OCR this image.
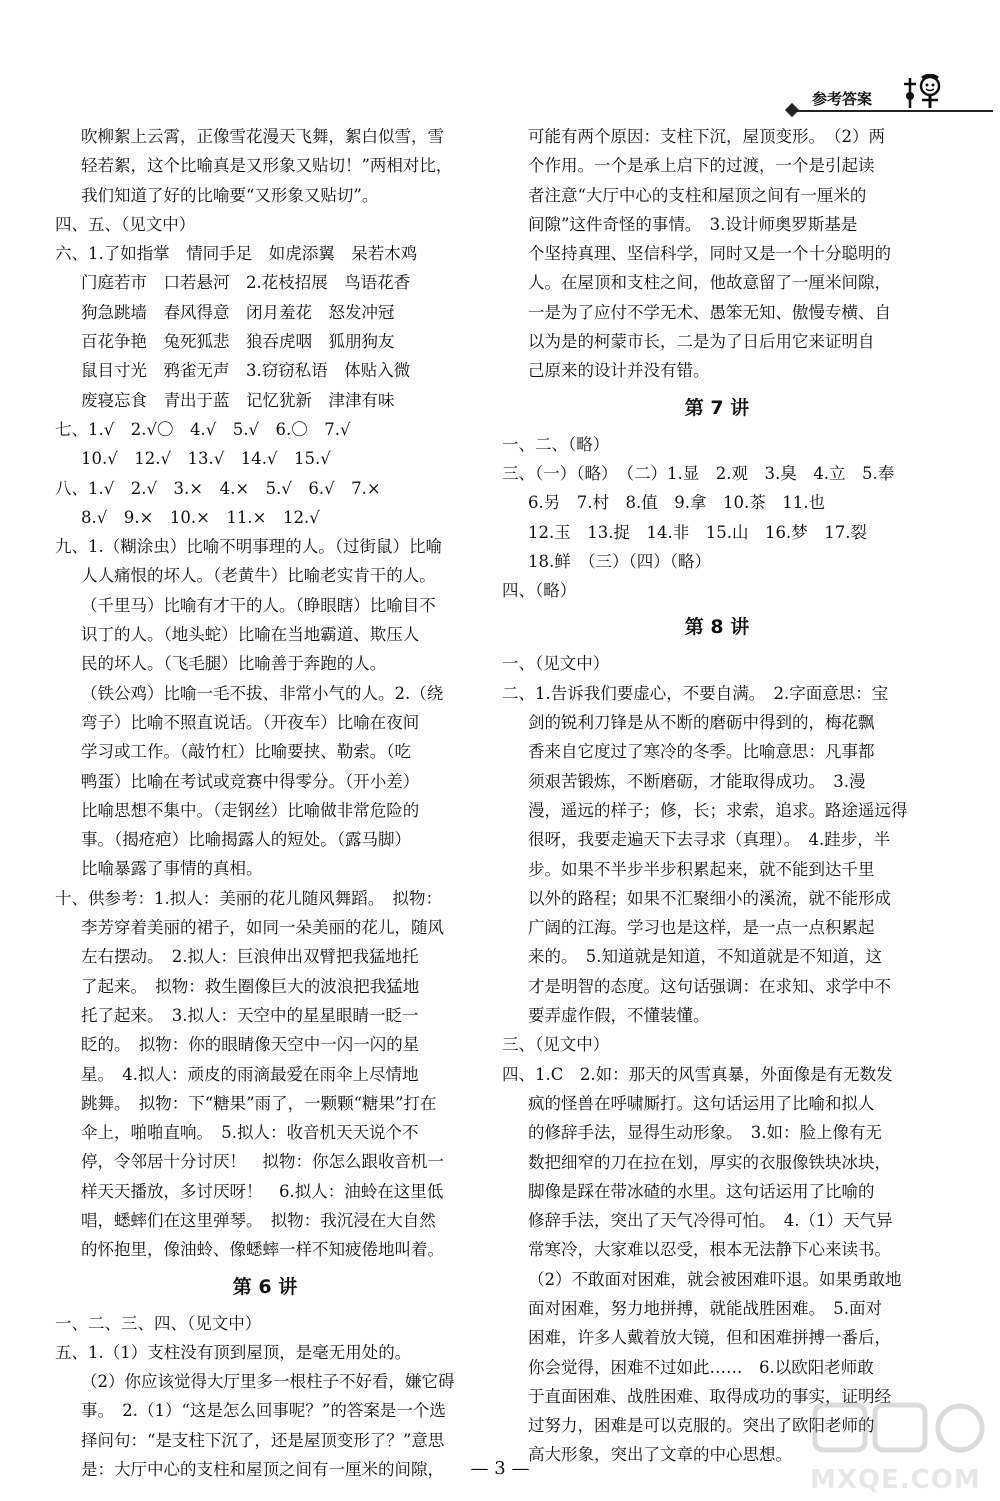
参考答案
吹柳絮上云霄，正像雪花漫天飞舞，絮白似雪，雪
轻若絮，这个比喻真是又形象又贴切！”两相对比，
我们知道了好的比喻要“又形象又贴切”。
四、五、（见文中）
六、1.了如指掌　情同手足　如虎添翼　呆若木鸡
门庭若市　口若悬河　2.花枝招展　鸟语花香
狗急跳墙　春风得意　闭月羞花　怒发冲冠
百花争艳　兔死狐悲　狼吞虎咽　狐朋狗友
鼠目寸光　鸦雀无声　3.窃窃私语　体贴入微
废寝忘食　青出于蓝　记忆犹新　津津有味
七、1.√　2.√〇　4.√　5.√　6.〇　7.√
10.√　12.√　13.√　14.√　15.√
八、1.√　2.√　3.×　4.×　5.√　6.√　7.×
8.√　9.×　10.×　11.×　12.√
九、1.（糊涂虫）比喻不明事理的人。（过街鼠）比喻
人人痛恨的坏人。（老黄牛）比喻老实肯干的人。
（千里马）比喻有才干的人。（睁眼瞎）比喻目不
识丁的人。（地头蛇）比喻在当地霸道、欺压人
民的坏人。（飞毛腿）比喻善于奔跑的人。
（铁公鸡）比喻一毛不拔、非常小气的人。2.（绕
弯子）比喻不照直说话。（开夜车）比喻在夜间
学习或工作。（敲竹杠）比喻要挟、勒索。（吃
鸭蛋）比喻在考试或竞赛中得零分。（开小差）
比喻思想不集中。（走钢丝）比喻做非常危险的
事。（揭疮疤）比喻揭露人的短处。（露马脚）
比喻暴露了事情的真相。
十、供参考：1.拟人：美丽的花儿随风舞蹈。　拟物：
李芳穿着美丽的裙子，如同一朵美丽的花儿，随风
左右摆动。　2.拟人：巨浪伸出双臂把我猛地托
了起来。　拟物：救生圈像巨大的波浪把我猛地
托了起来。　3.拟人：天空中的星星眼睛一眨一
眨的。　拟物：你的眼睛像天空中一闪一闪的星
星。　4.拟人：顽皮的雨滴最爱在雨伞上尽情地
跳舞。　拟物：下“糖果”雨了，一颗颗“糖果”打在
伞上，啪啪直响。　5.拟人：收音机天天说个不
停，令邻居十分讨厌！　拟物：你怎么跟收音机一
样天天播放，多讨厌呀！　6.拟人：油蛉在这里低
唱，蟋蟀们在这里弹琴。　拟物：我沉浸在大自然
的怀抱里，像油蛉、像蟋蟀一样不知疲倦地叫着。
第 6 讲
一、二、三、四、（见文中）
五、1.（1）支柱没有顶到屋顶，是毫无用处的。
（2）你应该觉得大厅里多一根柱子不好看，嫌它碍
事。　2.（1）“这是怎么回事呢？”的答案是一个选
择问句：“是支柱下沉了，还是屋顶变形了？”意思
是：大厅中心的支柱和屋顶之间有一厘米的间隙，
可能有两个原因：支柱下沉，屋顶变形。　（2）两
个作用。一个是承上启下的过渡，一个是引起读
者注意“大厅中心的支柱和屋顶之间有一厘米的
间隙”这件奇怪的事情。　3.设计师奥罗斯基是
个坚持真理、坚信科学，同时又是一个十分聪明的
人。在屋顶和支柱之间，他故意留了一厘米间隙，
一是为了应付不学无术、愚笨无知、傲慢专横、自
以为是的柯蒙市长，二是为了日后用它来证明自
己原来的设计并没有错。
第 7 讲
一、二、（略）
三、（一）（略）　（二）1.显　2.观　3.臭　4.立　5.奉
6.另　7.村　8.值　9.拿　10.茶　11.也
12.玉　13.捉　14.非　15.山　16.梦　17.裂
18.鲜　（三）（四）（略）
四、（略）
第 8 讲
一、（见文中）
二、1.告诉我们要虚心，不要自满。　2.字面意思：宝
剑的锐利刀锋是从不断的磨砺中得到的，梅花飘
香来自它度过了寒冷的冬季。比喻意思：凡事都
须艰苦锻炼，不断磨砺，才能取得成功。　3.漫
漫，遥远的样子；修，长；求索，追求。路途遥远得
很呀，我要走遍天下去寻求（真理）。　4.跬步，半
步。如果不半步半步积累起来，就不能到达千里
以外的路程；如果不汇聚细小的溪流，就不能形成
广阔的江海。学习也是这样，是一点一点积累起
来的。　5.知道就是知道，不知道就是不知道，这
才是明智的态度。这句话强调：在求知、求学中不
要弄虚作假，不懂装懂。
三、（见文中）
四、1.C　2.如：那天的风雪真暴，外面像是有无数发
疯的怪兽在呼啸厮打。这句话运用了比喻和拟人
的修辞手法，显得生动形象。　3.如：脸上像有无
数把细窄的刀在拉在划，厚实的衣服像铁块冰块，
脚像是踩在带冰碴的水里。这句话运用了比喻的
修辞手法，突出了天气冷得可怕。　4.（1）天气异
常寒冷，大家难以忍受，根本无法静下心来读书。
（2）不敢面对困难，就会被困难吓退。如果勇敢地
面对困难，努力地拼搏，就能战胜困难。　5.面对
困难，许多人戴着放大镜，但和困难拼搏一番后，
你会觉得，困难不过如此……　6.以欧阳老师敢
于直面困难、战胜困难、取得成功的事实，证明经
过努力，困难是可以克服的。突出了欧阳老师的
高大形象，突出了文章的中心思想。
— 3 —	MXQE.COM
